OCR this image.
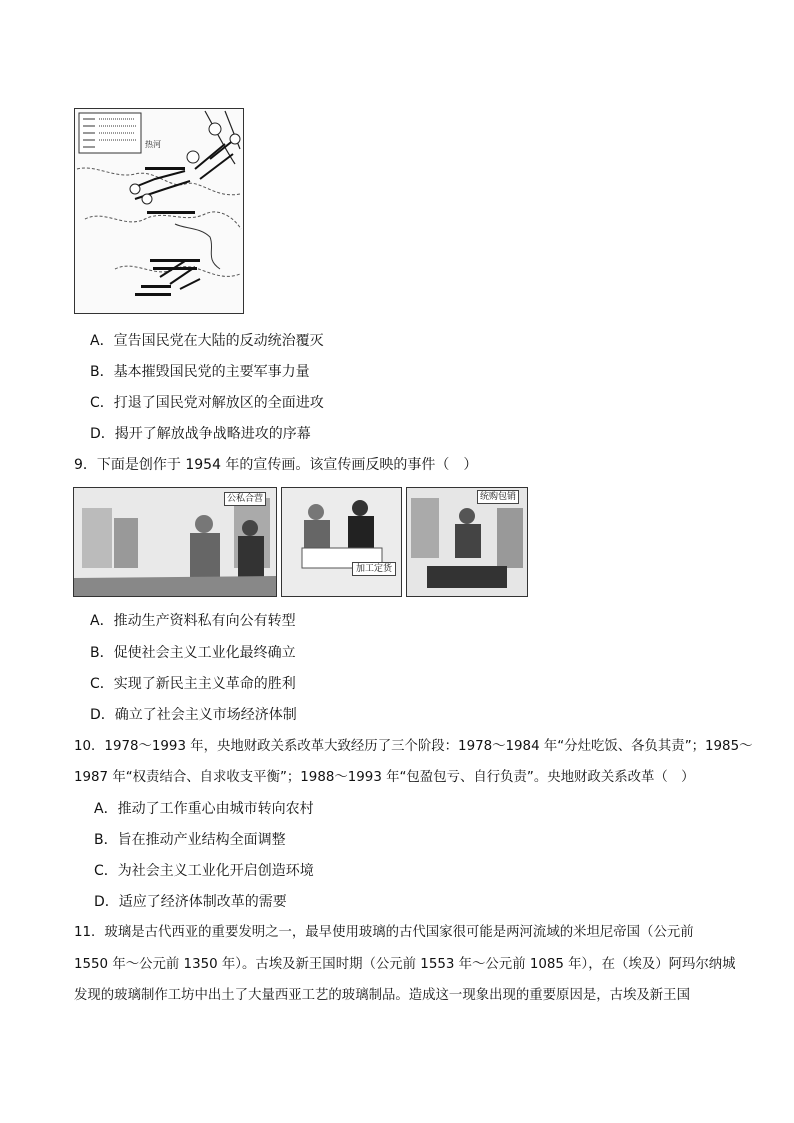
热河
A．宣告国民党在大陆的反动统治覆灭
B．基本摧毁国民党的主要军事力量
C．打退了国民党对解放区的全面进攻
D．揭开了解放战争战略进攻的序幕
9．下面是创作于 1954 年的宣传画。该宣传画反映的事件（　）
公私合营
加工定货
统购包销
A．推动生产资料私有向公有转型
B．促使社会主义工业化最终确立
C．实现了新民主主义革命的胜利
D．确立了社会主义市场经济体制
10．1978～1993 年，央地财政关系改革大致经历了三个阶段：1978～1984 年“分灶吃饭、各负其责”；1985～
1987 年“权责结合、自求收支平衡”；1988～1993 年“包盈包亏、自行负责”。央地财政关系改革（　）
A．推动了工作重心由城市转向农村
B．旨在推动产业结构全面调整
C．为社会主义工业化开启创造环境
D．适应了经济体制改革的需要
11．玻璃是古代西亚的重要发明之一，最早使用玻璃的古代国家很可能是两河流域的米坦尼帝国（公元前
1550 年～公元前 1350 年）。古埃及新王国时期（公元前 1553 年～公元前 1085 年），在（埃及）阿玛尔纳城
发现的玻璃制作工坊中出土了大量西亚工艺的玻璃制品。造成这一现象出现的重要原因是，古埃及新王国
